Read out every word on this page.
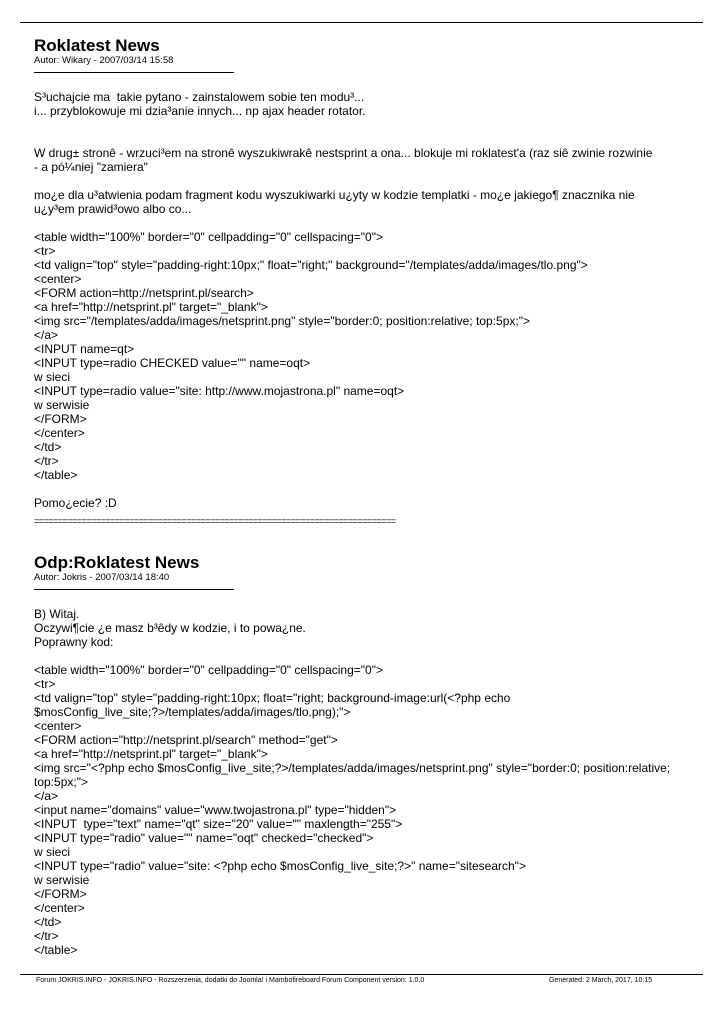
Roklatest News
Autor: Wikary - 2007/03/14 15:58
S³uchajcie ma  takie pytano - zainstalowem sobie ten modu³...
i... przyblokowuje mi dzia³anie innych... np ajax header rotator.
W drug± stronê - wrzuci³em na stronê wyszukiwrakê nestsprint a ona... blokuje mi roklatest'a (raz siê zwinie rozwinie
- a pó¼niej "zamiera"
mo¿e dla u³atwienia podam fragment kodu wyszukiwarki u¿yty w kodzie templatki - mo¿e jakiego¶ znacznika nie
u¿y³em prawid³owo albo co...
<table width="100%" border="0" cellpadding="0" cellspacing="0">
<tr>
<td valign="top" style="padding-right:10px;" float="right;" background="/templates/adda/images/tlo.png">
<center>
<FORM action=http://netsprint.pl/search>
<a href="http://netsprint.pl" target="_blank">
<img src="/templates/adda/images/netsprint.png" style="border:0; position:relative; top:5px;">
</a>
<INPUT name=qt>
<INPUT type=radio CHECKED value="" name=oqt>
w sieci
<INPUT type=radio value="site: http://www.mojastrona.pl" name=oqt>
w serwisie
</FORM>
</center>
</td>
</tr>
</table>
Pomo¿ecie? :D
============================================================================
Odp:Roklatest News
Autor: Jokris - 2007/03/14 18:40
B) Witaj.
Oczywi¶cie ¿e masz b³êdy w kodzie, i to powa¿ne.
Poprawny kod:
<table width="100%" border="0" cellpadding="0" cellspacing="0">
<tr>
<td valign="top" style="padding-right:10px; float="right; background-image:url(<?php echo
$mosConfig_live_site;?>/templates/adda/images/tlo.png);">
<center>
<FORM action="http://netsprint.pl/search" method="get">
<a href="http://netsprint.pl" target="_blank">
<img src="<?php echo $mosConfig_live_site;?>/templates/adda/images/netsprint.png" style="border:0; position:relative;
top:5px;">
</a>
<input name="domains" value="www.twojastrona.pl" type="hidden">
<INPUT  type="text" name="qt" size="20" value="" maxlength="255">
<INPUT type="radio" value="" name="oqt" checked="checked">
w sieci
<INPUT type="radio" value="site: <?php echo $mosConfig_live_site;?>" name="sitesearch">
w serwisie
</FORM>
</center>
</td>
</tr>
</table>
Forum JOKRIS.INFO - JOKRIS.INFO - Rozszerzenia, dodatki do Joomla! i Mambofireboard Forum Component version: 1.0.0	Generated: 2 March, 2017, 10:15
